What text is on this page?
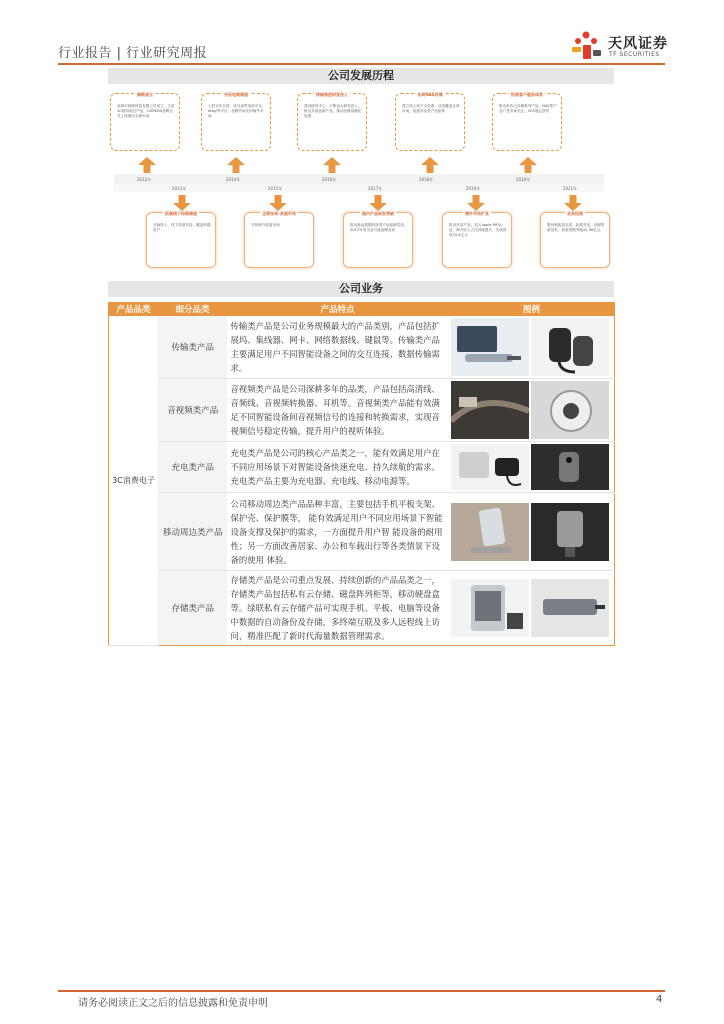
行业报告 | 行业研究周报
天风证券
TF SECURITIES
公司发展历程
绿联成立
深圳市绿联科技有限公司成立，主营3C数码周边产品，UGREEN品牌正式上线面向全球市场
开拓电商渠道
入驻京东自营、亚马逊等电商平台，ebay等平台，品牌开始走向海外市场
持续推进研发投入
建设研发中心，不断加大研发投入，推出多款创新产品，推动品牌高端化发展
布局NAS存储
建立线上线下全渠道，业务覆盖全球市场，拓展多品类产品矩阵
拓展客户服务体系
推出私有云存储系列产品，NAS等产品广受市场关注，CES展会获奖
2012年	2014年	2016年	2018年	2020年
2013年	2015年	2017年	2019年	2021年
拓展线下经销渠道
开始线上、线下渠道布局，覆盖终端用户
全球布局-多国市场
开拓海外渠道市场
国内产品研发突破
推出新品数据线获得产品创新奖项，2017年成为亚马逊品牌卖家
海外市场扩张
推出多款产品，加入Apple MFi认证，海外收入占比持续提升，实现营收25.4亿元
业务拓展
股份制改造完成，拓展充电、存储等新品类，营收规模突破41.36亿元
公司业务
产品品类	细分品类	产品特点	图例
3C消费电子	传输类产品	传输类产品是公司业务规模最大的产品类别，产品包括扩展坞、集线器、网卡、网络数据线、键鼠等。传输类产品主要满足用户不同智能设备之间的交互连接、数据传输需求。	
	音视频类产品	音视频类产品是公司深耕多年的品类，产品包括高清线、音频线、音视频转换器、耳机等。音视频类产品能有效满足不同智能设备间音视频信号的连接和转换需求，实现音视频信号稳定传输，提升用户的视听体验。	
	充电类产品	充电类产品是公司的核心产品类之一，能有效满足用户在不同应用场景下对智能设备快速充电、持久续航的需求。充电类产品主要为充电器、充电线、移动电源等。	
	移动周边类产品	公司移动周边类产品品种丰富，主要包括手机平板支架、保护壳、保护膜等， 能有效满足用户不同应用场景下智能设备支撑及保护的需求，一方面提升用户智 能设备的耐用性；另一方面改善居家、办公和车载出行等各类情景下设备的使用 体验。	
	存储类产品	存储类产品是公司重点发展、持续创新的产品品类之一，存储类产品包括私有云存储、磁盘阵列柜等，移动硬盘盒等。绿联私有云存储产品可实现手机、平板、电脑等设备中数据的自动备份及存储，多终端互联及多人远程线上访问，精准匹配了新时代海量数据管理需求。	
请务必阅读正文之后的信息披露和免责申明	4
